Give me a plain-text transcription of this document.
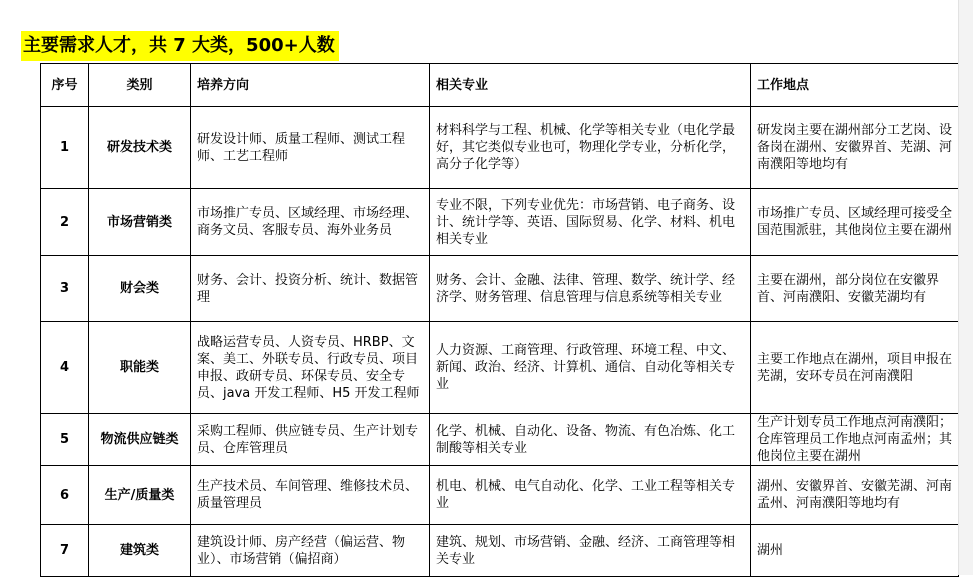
主要需求人才，共 7 大类，500+人数
序号	类别	培养方向	相关专业	工作地点
1	研发技术类	研发设计师、质量工程师、测试工程师、工艺工程师	材料科学与工程、机械、化学等相关专业（电化学最好，其它类似专业也可，物理化学专业，分析化学，高分子化学等）	研发岗主要在湖州部分工艺岗、设备岗在湖州、安徽界首、芜湖、河南濮阳等地均有
2	市场营销类	市场推广专员、区域经理、市场经理、商务文员、客服专员、海外业务员	专业不限，下列专业优先：市场营销、电子商务、设计、统计学等、英语、国际贸易、化学、材料、机电相关专业	市场推广专员、区域经理可接受全国范围派驻，其他岗位主要在湖州
3	财会类	财务、会计、投资分析、统计、数据管理	财务、会计、金融、法律、管理、数学、统计学、经济学、财务管理、信息管理与信息系统等相关专业	主要在湖州，部分岗位在安徽界首、河南濮阳、安徽芜湖均有
4	职能类	战略运营专员、人资专员、HRBP、文案、美工、外联专员、行政专员、项目申报、政研专员、环保专员、安全专员、java 开发工程师、H5 开发工程师	人力资源、工商管理、行政管理、环境工程、中文、新闻、政治、经济、计算机、通信、自动化等相关专业	主要工作地点在湖州，项目申报在芜湖，安环专员在河南濮阳
5	物流供应链类	采购工程师、供应链专员、生产计划专员、仓库管理员	化学、机械、自动化、设备、物流、有色冶炼、化工制酸等相关专业	生产计划专员工作地点河南濮阳；仓库管理员工作地点河南孟州；其他岗位主要在湖州
6	生产/质量类	生产技术员、车间管理、维修技术员、质量管理员	机电、机械、电气自动化、化学、工业工程等相关专业	湖州、安徽界首、安徽芜湖、河南孟州、河南濮阳等地均有
7	建筑类	建筑设计师、房产经营（偏运营、物业）、市场营销（偏招商）	建筑、规划、市场营销、金融、经济、工商管理等相关专业	湖州
